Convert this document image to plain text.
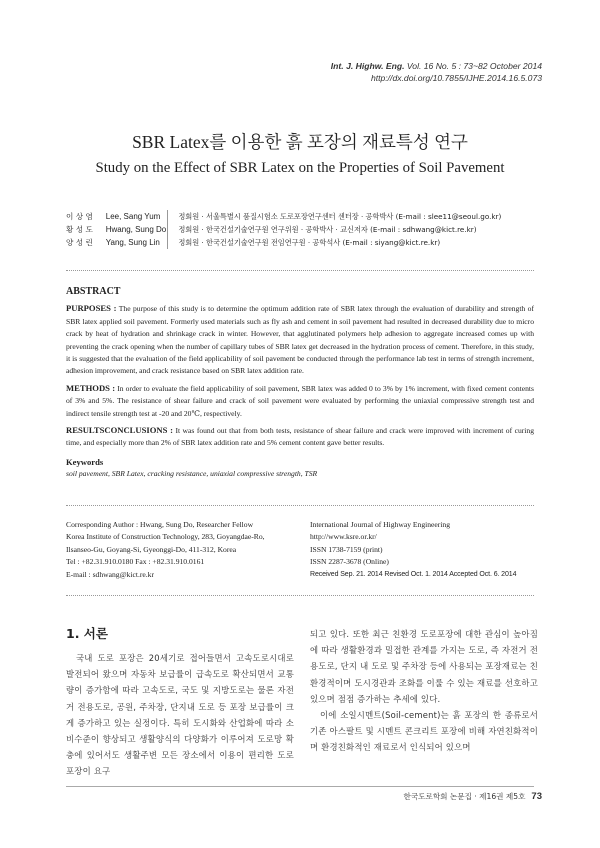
Int. J. Highw. Eng. Vol. 16 No. 5 : 73~82 October 2014
http://dx.doi.org/10.7855/IJHE.2014.16.5.073
SBR Latex를 이용한 흙 포장의 재료특성 연구
Study on the Effect of SBR Latex on the Properties of Soil Pavement
이 상 염	Lee, Sang Yum	정회원 · 서울특별시 품질시험소 도로포장연구센터 센터장 · 공학박사 (E-mail : slee11@seoul.go.kr)
황 성 도	Hwang, Sung Do	정회원 · 한국건설기술연구원 연구위원 · 공학박사 · 교신저자 (E-mail : sdhwang@kict.re.kr)
양 성 린	Yang, Sung Lin	정회원 · 한국건설기술연구원 전임연구원 · 공학석사 (E-mail : siyang@kict.re.kr)
ABSTRACT

PURPOSES : The purpose of this study is to determine the optimum addition rate of SBR latex through the evaluation of durability and strength of SBR latex applied soil pavement. Formerly used materials such as fly ash and cement in soil pavement had resulted in decreased durability due to micro crack by heat of hydration and shrinkage crack in winter. However, that agglutinated polymers help adhesion to aggregate increased comes up with preventing the crack opening when the number of capillary tubes of SBR latex get decreased in the hydration process of cement. Therefore, in this study, it is suggested that the evaluation of the field applicability of soil pavement be conducted through the performance lab test in terms of strength increment, adhesion improvement, and crack resistance based on SBR latex addition rate.

METHODS : In order to evaluate the field applicability of soil pavement, SBR latex was added 0 to 3% by 1% increment, with fixed cement contents of 3% and 5%. The resistance of shear failure and crack of soil pavement were evaluated by performing the uniaxial compressive strength test and indirect tensile strength test at -20 and 20℃, respectively.

RESULTSCONCLUSIONS : It was found out that from both tests, resistance of shear failure and crack were improved with increment of curing time, and especially more than 2% of SBR latex addition rate and 5% cement content gave better results.

Keywords
soil pavement, SBR Latex, cracking resistance, uniaxial compressive strength, TSR
Corresponding Author : Hwang, Sung Do, Researcher Fellow
Korea Institute of Construction Technology, 283, Goyangdae-Ro,
Ilsanseo-Gu, Goyang-Si, Gyeonggi-Do, 411-312, Korea
Tel : +82.31.910.0180 Fax : +82.31.910.0161
E-mail : sdhwang@kict.re.kr
International Journal of Highway Engineering
http://www.ksre.or.kr/
ISSN 1738-7159 (print)
ISSN 2287-3678 (Online)
Received Sep. 21. 2014 Revised Oct. 1. 2014 Accepted Oct. 6. 2014
1. 서론

국내 도로 포장은 20세기로 접어들면서 고속도로시대로 발전되어 왔으며 자동차 보급률이 급속도로 확산되면서 교통량이 증가함에 따라 고속도로, 국도 및 지방도로는 물론 자전거 전용도로, 공원, 주차장, 단지내 도로 등 포장 보급률이 크게 증가하고 있는 실정이다. 특히 도시화와 산업화에 따라 소비수준이 향상되고 생활양식의 다양화가 이루어져 도로망 확충에 있어서도 생활주변 모든 장소에서 이용이 편리한 도로 포장이 요구

되고 있다. 또한 최근 친환경 도로포장에 대한 관심이 높아짐에 따라 생활환경과 밀접한 관계를 가지는 도로, 즉 자전거 전용도로, 단지 내 도로 및 주차장 등에 사용되는 포장재료는 친환경적이며 도시경관과 조화를 이룰 수 있는 재료를 선호하고 있으며 점점 증가하는 추세에 있다.

이에 소일시멘트(Soil-cement)는 흙 포장의 한 종류로서 기존 아스팔트 및 시멘트 콘크리트 포장에 비해 자연친화적이며 환경친화적인 재료로서 인식되어 있으며

한국도로학회 논문집 · 제16권 제5호 73
